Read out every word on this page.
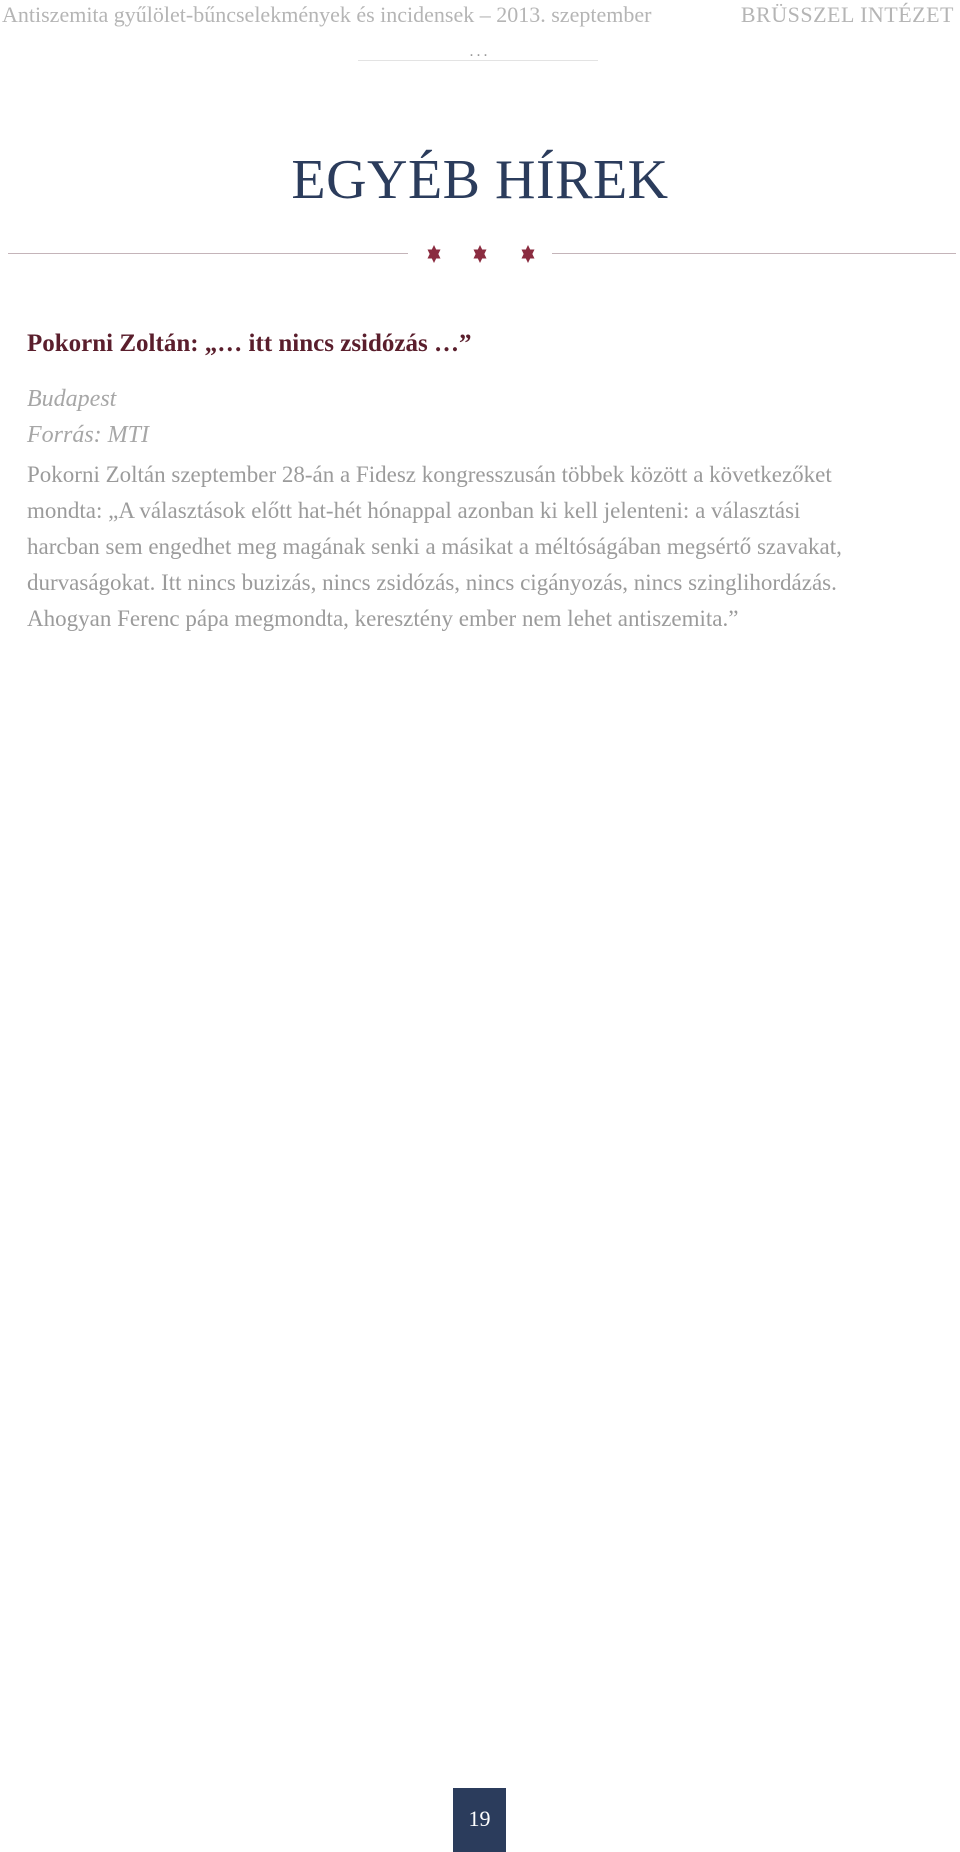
Antiszemita gyűlölet-bűncselekmények és incidensek – 2013. szeptember	BRÜSSZEL INTÉZET
...
EGYÉB HÍREK
Pokorni Zoltán: „… itt nincs zsidózás …”
Budapest
Forrás: MTI
Pokorni Zoltán szeptember 28-án a Fidesz kongresszusán többek között a következőket
mondta: „A választások előtt hat-hét hónappal azonban ki kell jelenteni: a választási
harcban sem engedhet meg magának senki a másikat a méltóságában megsértő szavakat,
durvaságokat. Itt nincs buzizás, nincs zsidózás, nincs cigányozás, nincs szinglihordázás.
Ahogyan Ferenc pápa megmondta, keresztény ember nem lehet antiszemita.”
19
